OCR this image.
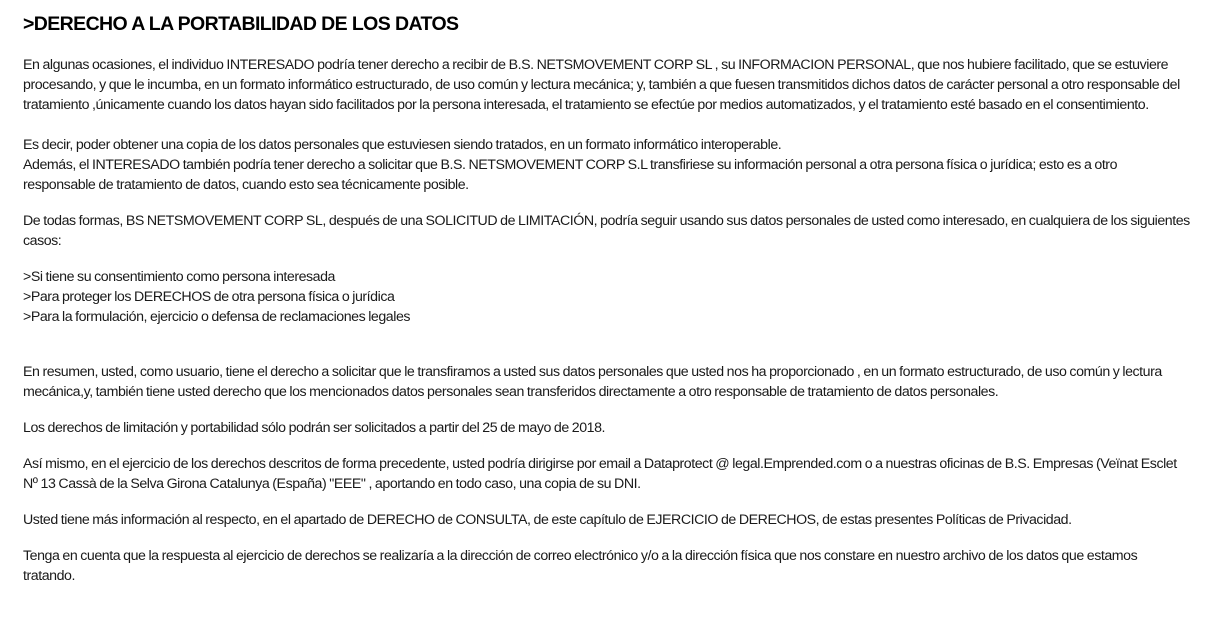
>DERECHO A LA PORTABILIDAD DE LOS DATOS

En algunas ocasiones, el individuo INTERESADO podría tener derecho a recibir de B.S. NETSMOVEMENT CORP SL , su INFORMACION PERSONAL, que nos hubiere facilitado, que se estuviere procesando, y que le incumba, en un formato informático estructurado, de uso común y lectura mecánica; y, también a que fuesen transmitidos dichos datos de carácter personal a otro responsable del tratamiento ,únicamente cuando los datos hayan sido facilitados por la persona interesada, el tratamiento se efectúe por medios automatizados, y el tratamiento esté basado en el consentimiento.

Es decir, poder obtener una copia de los datos personales que estuviesen siendo tratados, en un formato informático interoperable.

Además, el INTERESADO también podría tener derecho a solicitar que B.S. NETSMOVEMENT CORP S.L transfiriese su información personal a otra persona física o jurídica; esto es a otro responsable de tratamiento de datos, cuando esto sea técnicamente posible.

De todas formas, BS NETSMOVEMENT CORP SL, después de una SOLICITUD de LIMITACIÓN, podría seguir usando sus datos personales de usted como interesado, en cualquiera de los siguientes casos:

>Si tiene su consentimiento como persona interesada

>Para proteger los DERECHOS de otra persona física o jurídica

>Para la formulación, ejercicio o defensa de reclamaciones legales

En resumen, usted, como usuario, tiene el derecho a solicitar que le transfiramos a usted sus datos personales que usted nos ha proporcionado , en un formato estructurado, de uso común y lectura mecánica,y, también tiene usted derecho que los mencionados datos personales sean transferidos directamente a otro responsable de tratamiento de datos personales.

Los derechos de limitación y portabilidad sólo podrán ser solicitados a partir del 25 de mayo de 2018.

Así mismo, en el ejercicio de los derechos descritos de forma precedente, usted podría dirigirse por email a Dataprotect @ legal.Emprended.com o a nuestras oficinas de B.S. Empresas (Veïnat Esclet Nº 13 Cassà de la Selva Girona Catalunya (España) "EEE" , aportando en todo caso, una copia de su DNI.

Usted tiene más información al respecto, en el apartado de DERECHO de CONSULTA, de este capítulo de EJERCICIO de DERECHOS, de estas presentes Políticas de Privacidad.

Tenga en cuenta que la respuesta al ejercicio de derechos se realizaría a la dirección de correo electrónico y/o a la dirección física que nos constare en nuestro archivo de los datos que estamos tratando.
